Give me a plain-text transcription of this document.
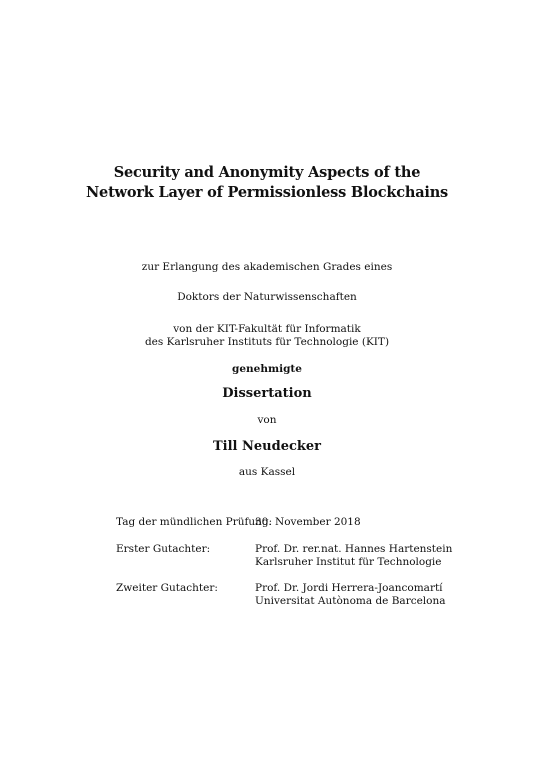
Security and Anonymity Aspects of the
Network Layer of Permissionless Blockchains
zur Erlangung des akademischen Grades eines
Doktors der Naturwissenschaften
von der KIT-Fakultät für Informatik
des Karlsruher Instituts für Technologie (KIT)
genehmigte
Dissertation
von
Till Neudecker
aus Kassel
Tag der mündlichen Prüfung:
30. November 2018
Erster Gutachter:	Prof. Dr. rer.nat. Hannes Hartenstein
Karlsruher Institut für Technologie
Zweiter Gutachter:	Prof. Dr. Jordi Herrera-Joancomartí
Universitat Autònoma de Barcelona
